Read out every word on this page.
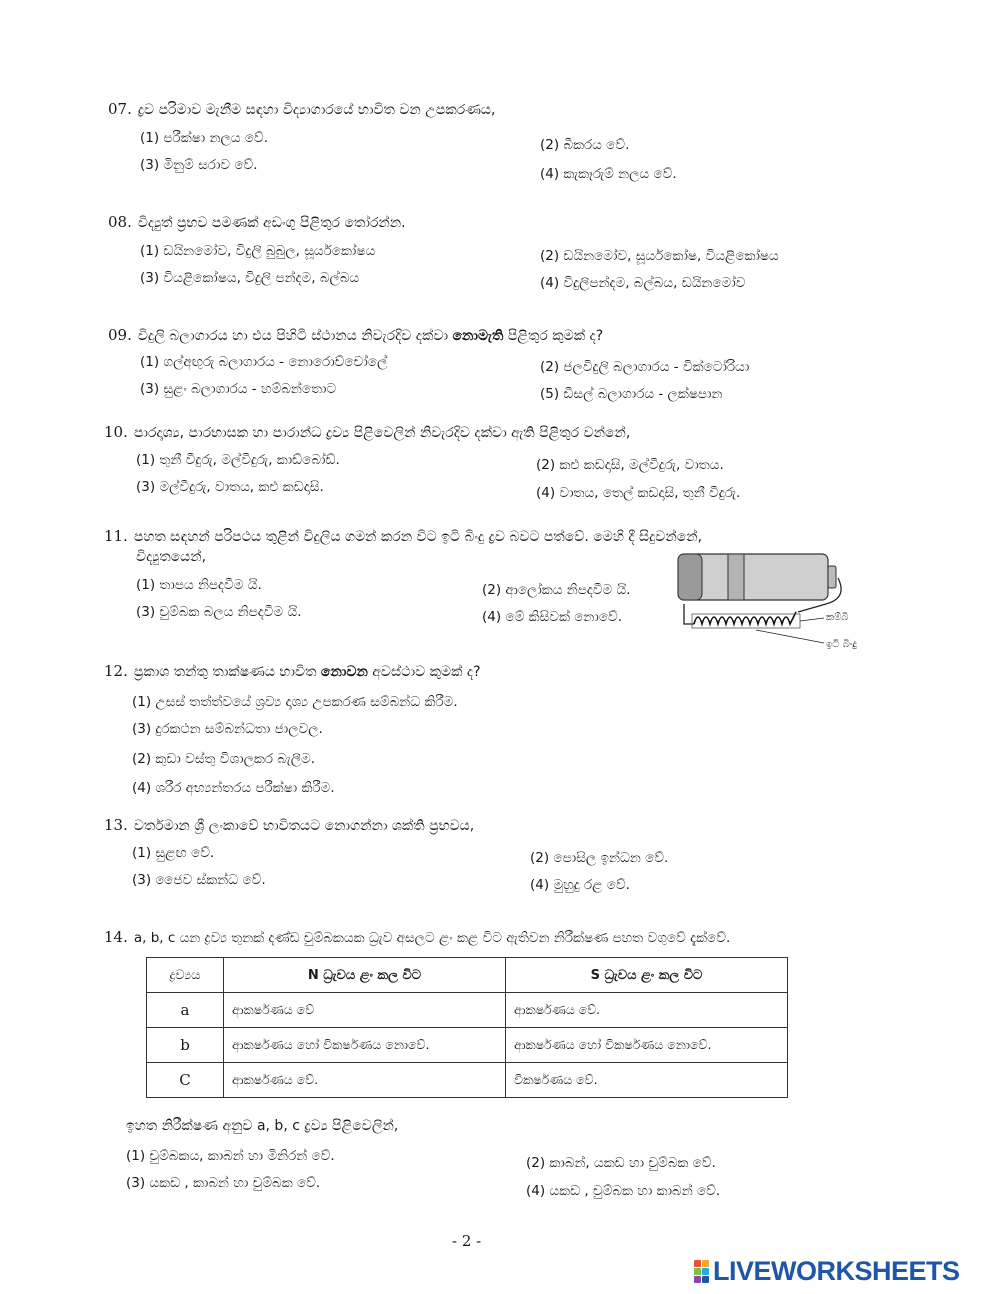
07. ද්‍රව පරිමාව මැනීම සඳහා විද්‍යාගාරයේ භාවිත වන උපකරණය,
(1) පරීක්ෂා නලය වේ.	(2) බීකරය වේ.
(3) මිනුම් සරාව වේ.
(4) කැකෑරුම් නලය වේ.
08. විද්‍යුත් ප්‍රභව පමණක් අඩංගු පිළිතුර තෝරන්න.
(1) ඩයිනමෝව, විදුලි බුබුල, සූර්යකෝෂය	(2) ඩයිනමෝව, සූර්යකෝෂ, වියළිකෝෂය
(3) වියළිකෝෂය, විදුලි පන්දම, බල්බය	(4) විදුලිපන්දම, බල්බය, ඩයිනමෝව
09. විදුලි බලාගාරය හා එය පිහිටි ස්ථානය නිවැරදිව දක්වා නොමැති පිළිතුර කුමක් ද?
(1) ගල්අඟුරු බලාගාරය - නොරොච්චෝලේ	(2) ජලවිදුලි බලාගාරය - වික්ටෝරියා
(3) සුළං බලාගාරය - හම්බන්තොට	(5) ඩීසල් බලාගාරය - ලක්ෂපාන
10. පාරදෘශ්‍ය, පාරභාසක හා පාරාන්ධ ද්‍රව්‍ය පිළිවෙලින් නිවැරදිව දක්වා ඇති පිළිතුර වන්නේ,
(1) තුනී වීදුරු, මල්වීදුරු, කාඩ්බෝඩ්.	(2) කළු කඩදාසි, මල්වීදුරු, වාතය.
(3) මල්වීදුරු, වාතය, කළු කඩදාසි.	(4) වාතය, තෙල් කඩදාසි, තුනී වීදුරු.
11. පහත සඳහන් පරිපථය තුළින් විදුලිය ගමන් කරන විට ඉටි බිංදු ද්‍රව බවට පත්වේ. මෙහි දී සිදුවන්නේ,
විද්‍යුතයෙන්,
(1) තාපය නිපදවීම යි.	(2) ආලෝකය නිපදවීම යි.
(3) චුම්බක බලය නිපදවීම යි.	(4) මේ කිසිවක් නොවේ.	කම්බි
ඉටි බිංදු
12. ප්‍රකාශ තන්තු තාක්ෂණය භාවිත නොවන අවස්ථාව කුමක් ද?
(1) උසස් තත්ත්වයේ ශ්‍රව්‍ය දෘශ්‍ය උපකරණ සම්බන්ධ කිරීම.
(3) දුරකථන සම්බන්ධතා ජාලවල.
(2) කුඩා වස්තු විශාලකර බැලීම.
(4) ශරීර අභ්‍යන්තරය පරීක්ෂා කිරීම.
13. වර්තමාන ශ්‍රී ලංකාවේ භාවිතයට නොගන්නා ශක්ති ප්‍රභවය,
(1) සුළඟ වේ.	(2) පොසිල ඉන්ධන වේ.
(3) ජෛව ස්කන්ධ වේ.	(4) මුහුදු රළ වේ.
14. a, b, c යන ද්‍රව්‍ය තුනක් දණ්ඩ චුම්බකයක ධ්‍රැව අසලට ළං කළ විට ඇතිවන නිරීක්ෂණ පහත වගුවේ දැක්වේ.
ද්‍රව්‍යය	N ධ්‍රැවය ළං කල විට	S ධ්‍රැවය ළං කල විට
a	ආකර්ෂණය වේ	ආකර්ෂණය වේ.
b	ආකර්ෂණය හෝ විකර්ෂණය නොවේ.	ආකර්ෂණය හෝ විකර්ෂණය නොවේ.
C	ආකර්ෂණය වේ.	විකර්ෂණය වේ.
ඉහත නිරීක්ෂණ අනුව a, b, c ද්‍රව්‍ය පිළිවෙලින්,
(1) චුම්බකය, කාබන් හා මිනිරන් වේ.	(2) කාබන්, යකඩ හා චුම්බක වේ.
(3) යකඩ , කාබන් හා චුම්බක වේ.	(4) යකඩ , චුම්බක හා කාබන් වේ.
- 2 -
LIVEWORKSHEETS
